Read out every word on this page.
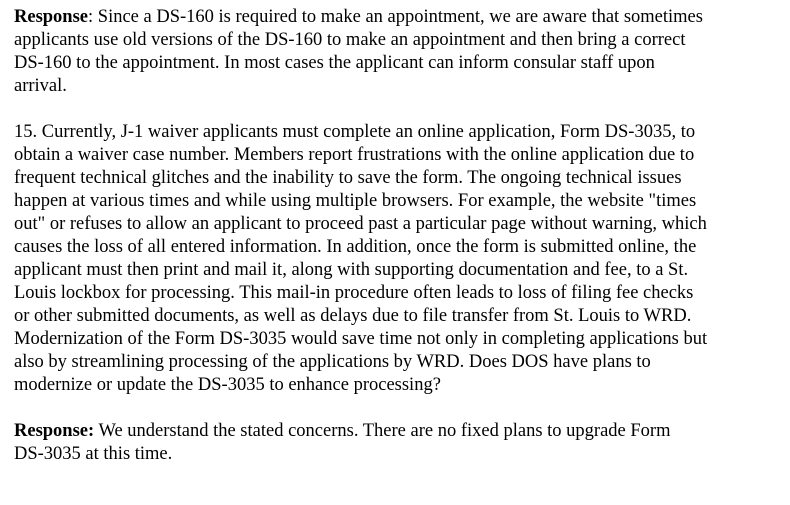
Response: Since a DS-160 is required to make an appointment, we are aware that sometimes
applicants use old versions of the DS-160 to make an appointment and then bring a correct
DS-160 to the appointment. In most cases the applicant can inform consular staff upon
arrival.

15. Currently, J-1 waiver applicants must complete an online application, Form DS-3035, to
obtain a waiver case number. Members report frustrations with the online application due to
frequent technical glitches and the inability to save the form. The ongoing technical issues
happen at various times and while using multiple browsers. For example, the website "times
out" or refuses to allow an applicant to proceed past a particular page without warning, which
causes the loss of all entered information. In addition, once the form is submitted online, the
applicant must then print and mail it, along with supporting documentation and fee, to a St.
Louis lockbox for processing. This mail-in procedure often leads to loss of filing fee checks
or other submitted documents, as well as delays due to file transfer from St. Louis to WRD.
Modernization of the Form DS-3035 would save time not only in completing applications but
also by streamlining processing of the applications by WRD. Does DOS have plans to
modernize or update the DS-3035 to enhance processing?

Response: We understand the stated concerns. There are no fixed plans to upgrade Form
DS-3035 at this time.
